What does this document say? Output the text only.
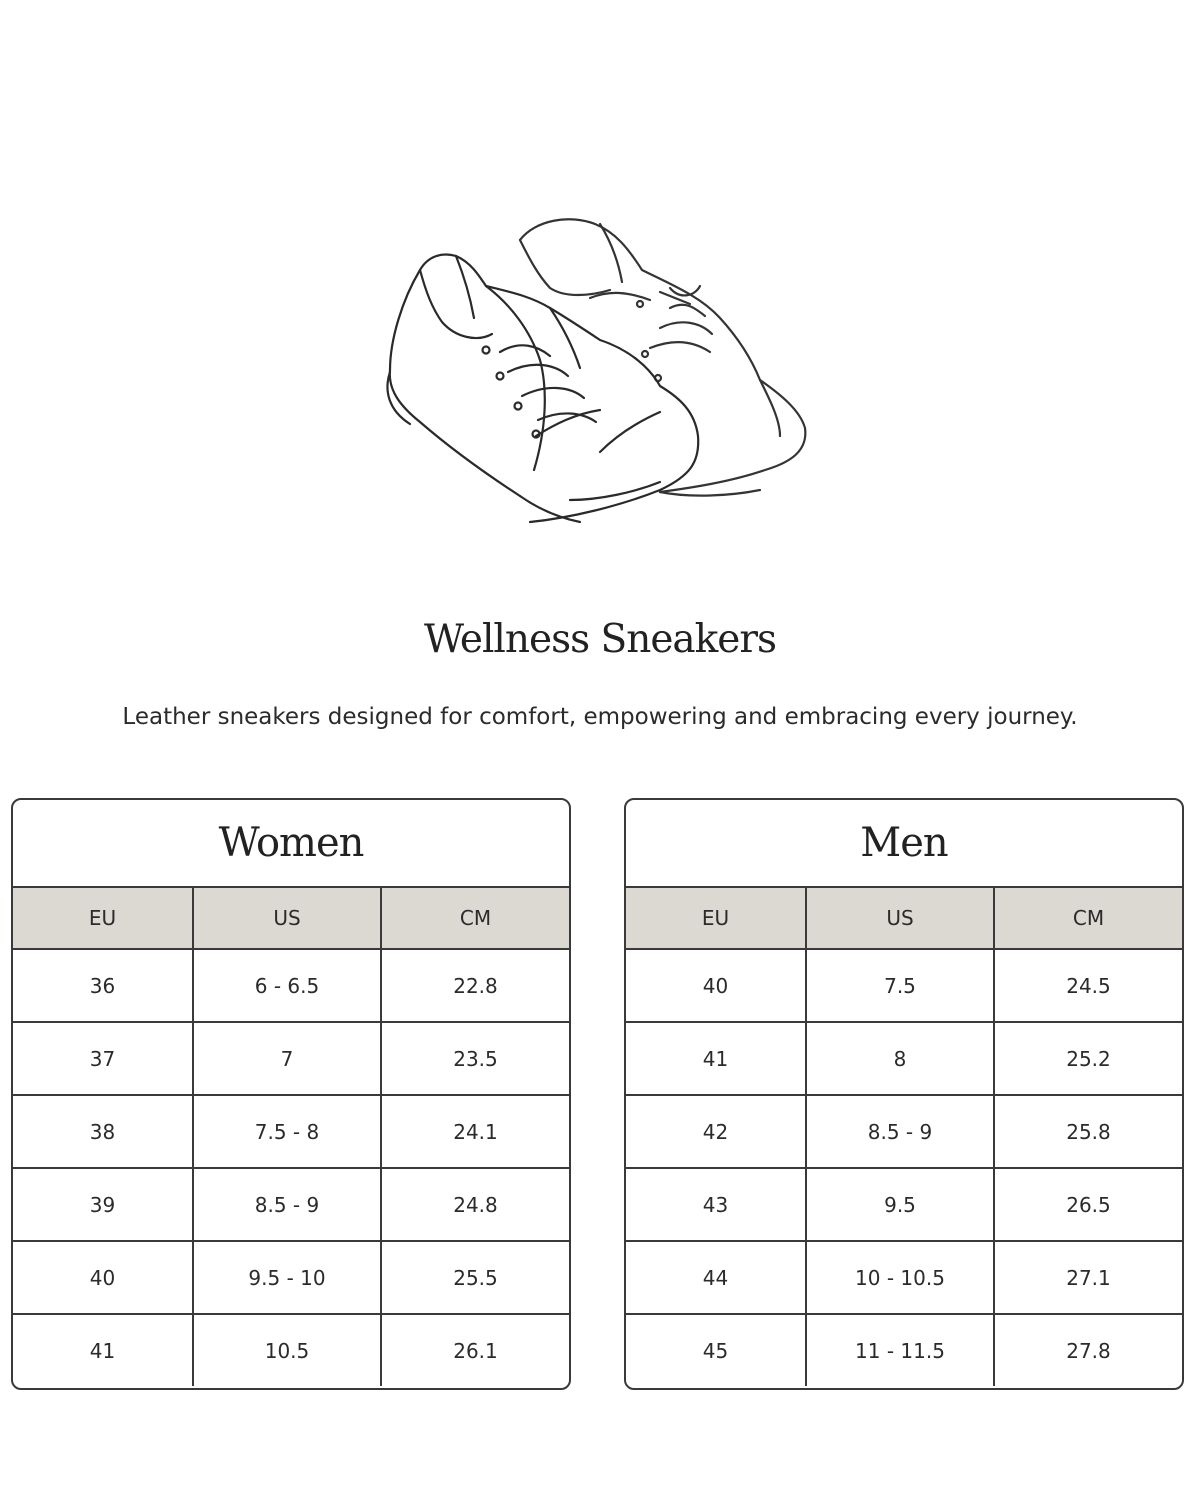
Wellness Sneakers

Leather sneakers designed for comfort, empowering and embracing every journey.

Women
EU	US	CM
36	6 - 6.5	22.8
37	7	23.5
38	7.5 - 8	24.1
39	8.5 - 9	24.8
40	9.5 - 10	25.5
41	10.5	26.1
Men
EU	US	CM
40	7.5	24.5
41	8	25.2
42	8.5 - 9	25.8
43	9.5	26.5
44	10 - 10.5	27.1
45	11 - 11.5	27.8
